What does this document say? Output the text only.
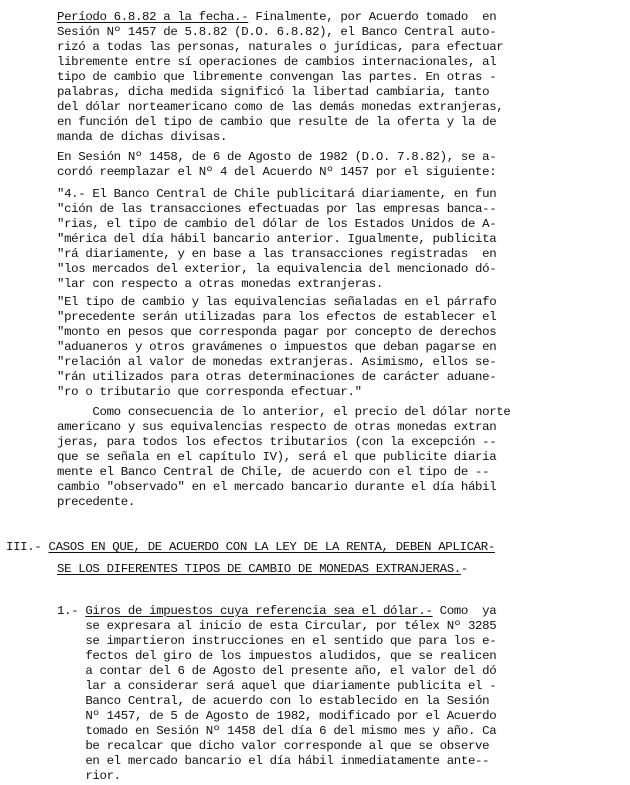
Período 6.8.82 a la fecha.- Finalmente, por Acuerdo tomado  en
Sesión Nº 1457 de 5.8.82 (D.O. 6.8.82), el Banco Central auto-
rizó a todas las personas, naturales o jurídicas, para efectuar
libremente entre sí operaciones de cambios internacionales, al
tipo de cambio que libremente convengan las partes. En otras -
palabras, dicha medida significó la libertad cambiaria, tanto
del dólar norteamericano como de las demás monedas extranjeras,
en función del tipo de cambio que resulte de la oferta y la de
manda de dichas divisas.
En Sesión Nº 1458, de 6 de Agosto de 1982 (D.O. 7.8.82), se a-
cordó reemplazar el Nº 4 del Acuerdo Nº 1457 por el siguiente:
"4.- El Banco Central de Chile publicitará diariamente, en fun
"ción de las transacciones efectuadas por las empresas banca--
"rias, el tipo de cambio del dólar de los Estados Unidos de A-
"mérica del día hábil bancario anterior. Igualmente, publicita
"rá diariamente, y en base a las transacciones registradas  en
"los mercados del exterior, la equivalencia del mencionado dó-
"lar con respecto a otras monedas extranjeras.
"El tipo de cambio y las equivalencias señaladas en el párrafo
"precedente serán utilizadas para los efectos de establecer el
"monto en pesos que corresponda pagar por concepto de derechos
"aduaneros y otros gravámenes o impuestos que deban pagarse en
"relación al valor de monedas extranjeras. Asimismo, ellos se-
"rán utilizados para otras determinaciones de carácter aduane-
"ro o tributario que corresponda efectuar."
Como consecuencia de lo anterior, el precio del dólar norte
americano y sus equivalencias respecto de otras monedas extran
jeras, para todos los efectos tributarios (con la excepción --
que se señala en el capítulo IV), será el que publicite diaria
mente el Banco Central de Chile, de acuerdo con el tipo de --
cambio "observado" en el mercado bancario durante el día hábil
precedente.
III.- CASOS EN QUE, DE ACUERDO CON LA LEY DE LA RENTA, DEBEN APLICAR-
SE LOS DIFERENTES TIPOS DE CAMBIO DE MONEDAS EXTRANJERAS.-
1.- Giros de impuestos cuya referencia sea el dólar.- Como  ya
se expresara al inicio de esta Circular, por télex Nº 3285
se impartieron instrucciones en el sentido que para los e-
fectos del giro de los impuestos aludidos, que se realicen
a contar del 6 de Agosto del presente año, el valor del dó
lar a considerar será aquel que diariamente publicita el -
Banco Central, de acuerdo con lo establecido en la Sesión
Nº 1457, de 5 de Agosto de 1982, modificado por el Acuerdo
tomado en Sesión Nº 1458 del día 6 del mismo mes y año. Ca
be recalcar que dicho valor corresponde al que se observe
en el mercado bancario el día hábil inmediatamente ante--
rior.
